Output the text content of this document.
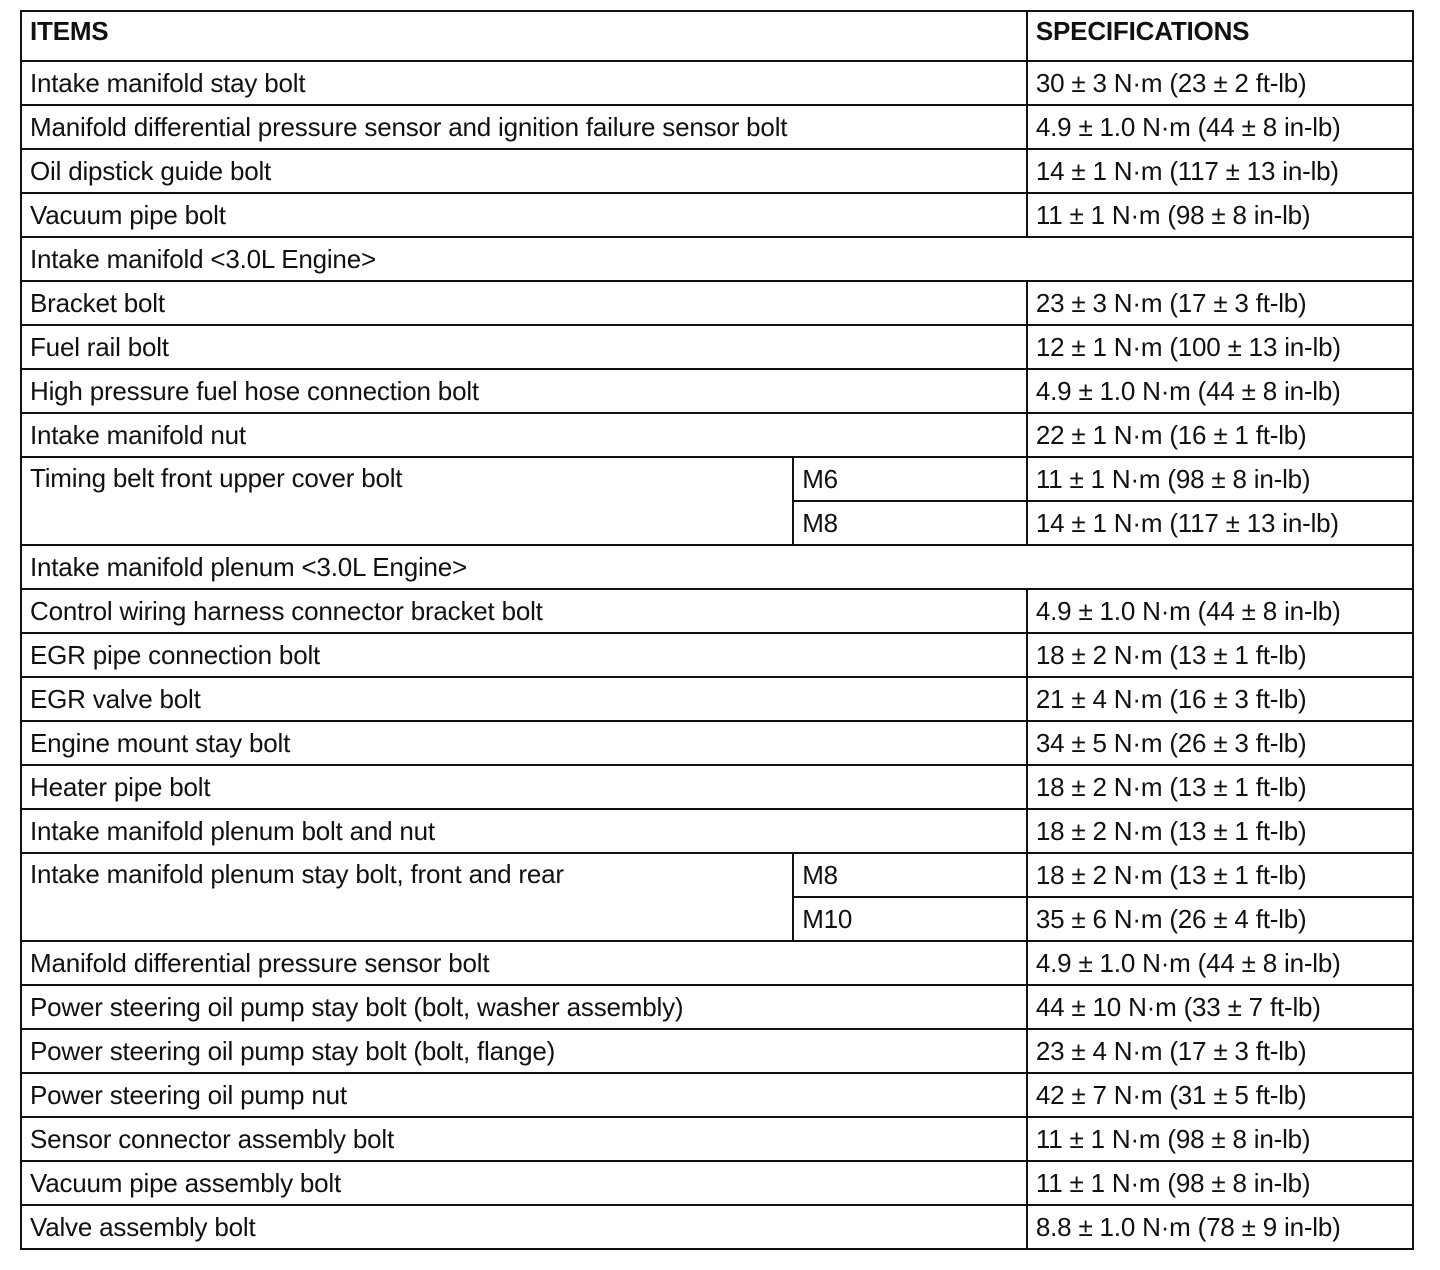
ITEMS		SPECIFICATIONS
Intake manifold stay bolt		30 ± 3 N·m (23 ± 2 ft-lb)
Manifold differential pressure sensor and ignition failure sensor bolt		4.9 ± 1.0 N·m (44 ± 8 in-lb)
Oil dipstick guide bolt		14 ± 1 N·m (117 ± 13 in-lb)
Vacuum pipe bolt		11 ± 1 N·m (98 ± 8 in-lb)
Intake manifold <3.0L Engine>		
Bracket bolt		23 ± 3 N·m (17 ± 3 ft-lb)
Fuel rail bolt		12 ± 1 N·m (100 ± 13 in-lb)
High pressure fuel hose connection bolt		4.9 ± 1.0 N·m (44 ± 8 in-lb)
Intake manifold nut		22 ± 1 N·m (16 ± 1 ft-lb)
Timing belt front upper cover bolt	M6	11 ± 1 N·m (98 ± 8 in-lb)
	M8	14 ± 1 N·m (117 ± 13 in-lb)
Intake manifold plenum <3.0L Engine>		
Control wiring harness connector bracket bolt		4.9 ± 1.0 N·m (44 ± 8 in-lb)
EGR pipe connection bolt		18 ± 2 N·m (13 ± 1 ft-lb)
EGR valve bolt		21 ± 4 N·m (16 ± 3 ft-lb)
Engine mount stay bolt		34 ± 5 N·m (26 ± 3 ft-lb)
Heater pipe bolt		18 ± 2 N·m (13 ± 1 ft-lb)
Intake manifold plenum bolt and nut		18 ± 2 N·m (13 ± 1 ft-lb)
Intake manifold plenum stay bolt, front and rear	M8	18 ± 2 N·m (13 ± 1 ft-lb)
	M10	35 ± 6 N·m (26 ± 4 ft-lb)
Manifold differential pressure sensor bolt		4.9 ± 1.0 N·m (44 ± 8 in-lb)
Power steering oil pump stay bolt (bolt, washer assembly)		44 ± 10 N·m (33 ± 7 ft-lb)
Power steering oil pump stay bolt (bolt, flange)		23 ± 4 N·m (17 ± 3 ft-lb)
Power steering oil pump nut		42 ± 7 N·m (31 ± 5 ft-lb)
Sensor connector assembly bolt		11 ± 1 N·m (98 ± 8 in-lb)
Vacuum pipe assembly bolt		11 ± 1 N·m (98 ± 8 in-lb)
Valve assembly bolt		8.8 ± 1.0 N·m (78 ± 9 in-lb)
